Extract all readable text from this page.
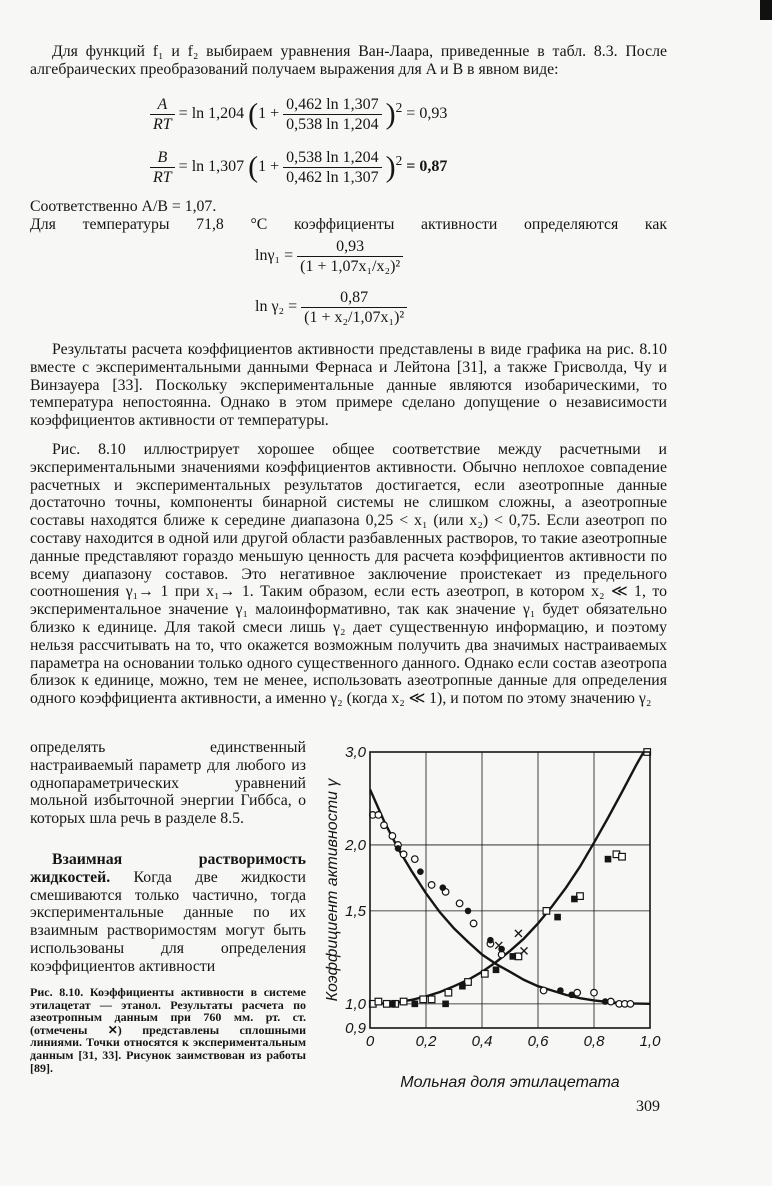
Для функций f₁ и f₂ выбираем уравнения Ван-Лаара, приведенные в табл. 8.3. После алгебраических преобразований получаем выражения для A и B в явном виде:

$\frac{A}{RT} = \ln 1,204$ $(1 + \frac{0,462 \ln 1,307}{0,538 \ln 1,204} )^2 = 0,93$
$\frac{B}{RT} = \ln 1,307$ $(1 + \frac{0,538 \ln 1,204}{0,462 \ln 1,307} )^2 = 0,87$

Соответственно A/B = 1,07.

Для температуры 71,8 °C коэффициенты активности определяются как

$\ln\gamma_1 = \frac{0,93}{\text{(1 + 1,07x₁/x₂)²}}$
$\ln \gamma_2 = \frac{0,87}{\text{(1 + x₂/1,07x₁)²}}$

Результаты расчета коэффициентов активности представлены в виде графика на рис. 8.10 вместе с экспериментальными данными Фернаса и Лейтона [31], а также Грисволда, Чу и Винзауера [33]. Поскольку экспериментальные данные являются изобарическими, то температура непостоянна. Однако в этом примере сделано допущение о независимости коэффициентов активности от температуры.

Рис. 8.10 иллюстрирует хорошее общее соответствие между расчетными и экспериментальными значениями коэффициентов активности. Обычно неплохое совпадение расчетных и экспериментальных результатов достигается, если азеотропные данные достаточно точны, компоненты бинарной системы не слишком сложны, а азеотропные составы находятся ближе к середине диапазона 0,25 < x₁ (или x₂) < 0,75. Если азеотроп по составу находится в одной или другой области разбавленных растворов, то такие азеотропные данные представляют гораздо меньшую ценность для расчета коэффициентов активности по всему диапазону составов. Это негативное заключение проистекает из предельного соотношения γ₁→ 1 при x₁→ 1. Таким образом, если есть азеотроп, в котором x₂ ≪ 1, то экспериментальное значение γ₁ малоинформативно, так как значение γ₁ будет обязательно близко к единице. Для такой смеси лишь γ₂ дает существенную информацию, и поэтому нельзя рассчитывать на то, что окажется возможным получить два значимых настраиваемых параметра на основании только одного существенного данного. Однако если состав азеотропа близок к единице, можно, тем не менее, использовать азеотропные данные для определения одного коэффициента активности, а именно γ₂ (когда x₂ ≪ 1), и потом по этому значению γ₂

определять единственный настраиваемый параметр для любого из однопараметрических уравнений мольной избыточной энергии Гиббса, о которых шла речь в разделе 8.5.

Взаимная растворимость жидкостей. Когда две жидкости смешиваются только частично, тогда экспериментальные данные по их взаимным растворимостям могут быть использованы для определения коэффициентов активности

Рис. 8.10. Коэффициенты активности в системе этилацетат — этанол. Результаты расчета по азеотропным данным при 760 мм. рт. ст. (отмечены ✕) представлены сплошными линиями. Точки относятся к экспериментальным данным [31, 33]. Рисунок заимствован из работы [89].

0	0,2 0,4 0,6 0,8 1,0
0,9
1,0
1,5
2,0
3,0
Мольная доля этилацетата
Коэффициент активности γ
309
